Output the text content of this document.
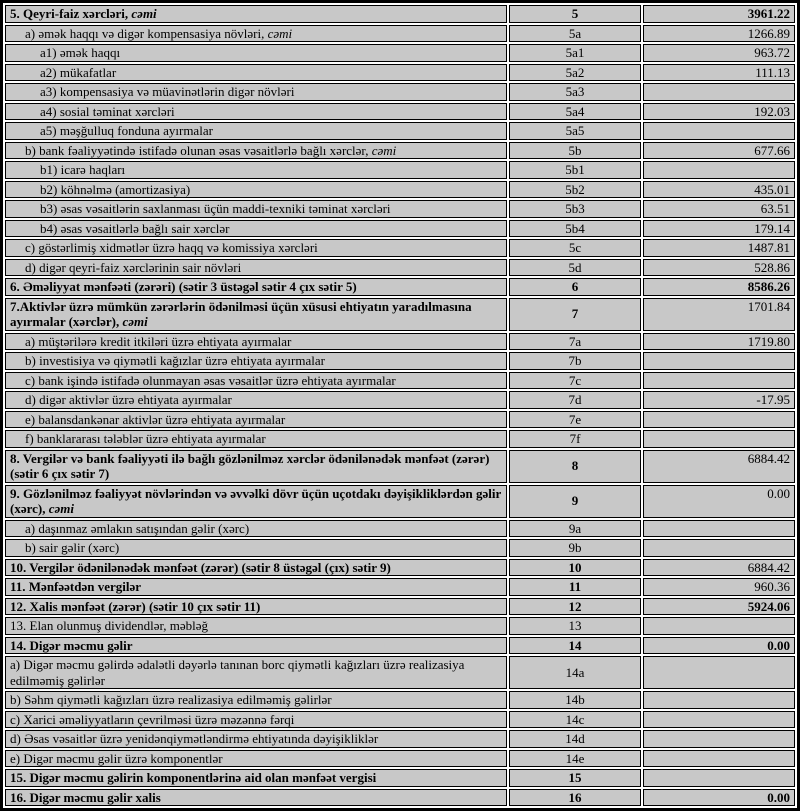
5. Qeyri-faiz xərcləri, cəmi	5	3961.22
a) əmək haqqı və digər kompensasiya növləri, cəmi	5a	1266.89
a1) əmək haqqı	5a1	963.72
a2) mükafatlar	5a2	111.13
a3) kompensasiya və müavinətlərin digər növləri	5a3	
a4) sosial təminat xərcləri	5a4	192.03
a5) məşğulluq fonduna ayırmalar	5a5	
b) bank fəaliyyətində istifadə olunan əsas vəsaitlərlə bağlı xərclər, cəmi	5b	677.66
b1) icarə haqları	5b1	
b2) köhnəlmə (amortizasiya)	5b2	435.01
b3) əsas vəsaitlərin saxlanması üçün maddi-texniki təminat xərcləri	5b3	63.51
b4) əsas vəsaitlərlə bağlı sair xərclər	5b4	179.14
c) göstərlimiş xidmətlər üzrə haqq və komissiya xərcləri	5c	1487.81
d) digər qeyri-faiz xərclərinin sair növləri	5d	528.86
6. Əməliyyat mənfəəti (zərəri) (sətir 3 üstəgəl sətir 4 çıx sətir 5)	6	8586.26
7.Aktivlər üzrə mümkün zərərlərin ödənilməsi üçün xüsusi ehtiyatın yaradılmasına ayırmalar (xərclər), cəmi	7	1701.84
a) müştərilərə kredit itkiləri üzrə ehtiyata ayırmalar	7a	1719.80
b) investisiya və qiymətli kağızlar üzrə ehtiyata ayırmalar	7b	
c) bank işində istifadə olunmayan əsas vəsaitlər üzrə ehtiyata ayırmalar	7c	
d) digər aktivlər üzrə ehtiyata ayırmalar	7d	-17.95
e) balansdankənar aktivlər üzrə ehtiyata ayırmalar	7e	
f) banklararası tələblər üzrə ehtiyata ayırmalar	7f	
8. Vergilər və bank fəaliyyəti ilə bağlı gözlənilməz xərclər ödənilənədək mənfəət (zərər) (sətir 6 çıx sətir 7)	8	6884.42
9. Gözlənilməz fəaliyyət növlərindən və əvvəlki dövr üçün uçotdakı dəyişikliklərdən gəlir (xərc), cəmi	9	0.00
a) daşınmaz əmlakın satışından gəlir (xərc)	9a	
b) sair gəlir (xərc)	9b	
10. Vergilər ödənilənədək mənfəət (zərər) (sətir 8 üstəgəl (çıx) sətir 9)	10	6884.42
11. Mənfəətdən vergilər	11	960.36
12. Xalis mənfəət (zərər) (sətir 10 çıx sətir 11)	12	5924.06
13. Elan olunmuş dividendlər, məbləğ	13	
14. Digər məcmu gəlir	14	0.00
a) Digər məcmu gəlirdə ədalətli dəyərlə tanınan borc qiymətli kağızları üzrə realizasiya edilməmiş gəlirlər	14a	
b) Səhm qiymətli kağızları üzrə realizasiya edilməmiş gəlirlər	14b	
c) Xarici əməliyyatların çevrilməsi üzrə məzənnə fərqi	14c	
d) Əsas vəsaitlər üzrə yenidənqiymətləndirmə ehtiyatında dəyişikliklər	14d	
e) Digər məcmu gəlir üzrə komponentlər	14e	
15. Digər məcmu gəlirin komponentlərinə aid olan mənfəət vergisi	15	
16. Digər məcmu gəlir xalis	16	0.00
